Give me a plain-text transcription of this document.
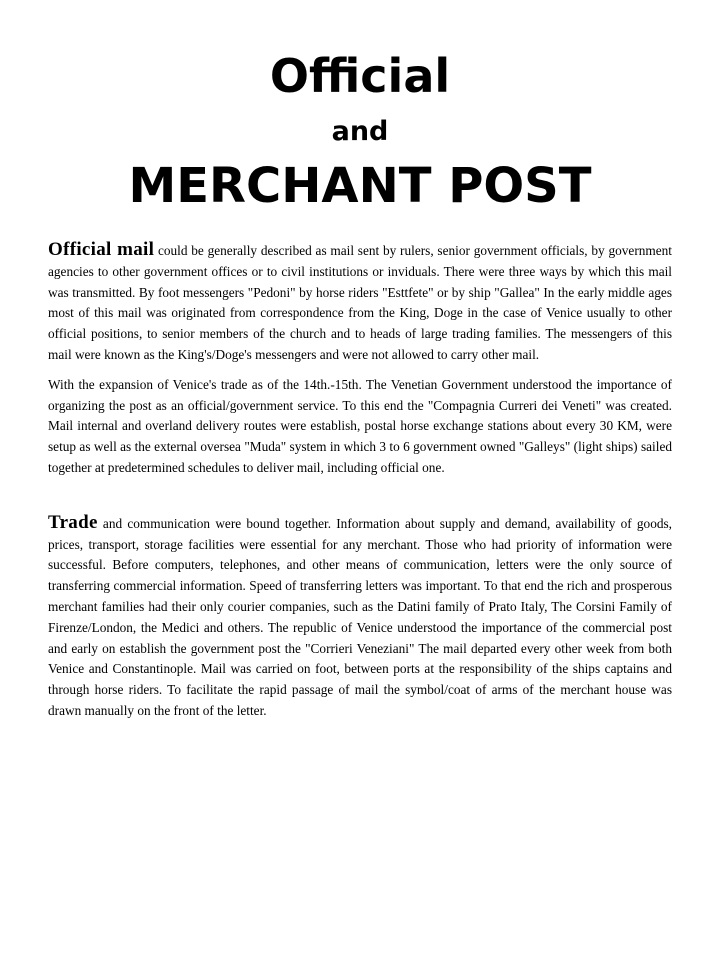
Official
and
MERCHANT POST

Official mail could be generally described as mail sent by rulers, senior government officials, by government agencies to other government offices or to civil institutions or inviduals. There were three ways by which this mail was transmitted. By foot messengers "Pedoni" by horse riders "Esttfete" or by ship "Gallea" In the early middle ages most of this mail was originated from correspondence from the King, Doge in the case of Venice usually to other official positions, to senior members of the church and to heads of large trading families. The messengers of this mail were known as the King's/Doge's messengers and were not allowed to carry other mail.

With the expansion of Venice's trade as of the 14th.-15th. The Venetian Government understood the importance of organizing the post as an official/government service. To this end the "Compagnia Curreri dei Veneti" was created. Mail internal and overland delivery routes were establish, postal horse exchange stations about every 30 KM, were setup as well as the external oversea "Muda" system in which 3 to 6 government owned "Galleys" (light ships) sailed together at predetermined schedules to deliver mail, including official one.

Trade and communication were bound together. Information about supply and demand, availability of goods, prices, transport, storage facilities were essential for any merchant. Those who had priority of information were successful. Before computers, telephones, and other means of communication, letters were the only source of transferring commercial information. Speed of transferring letters was important. To that end the rich and prosperous merchant families had their only courier companies, such as the Datini family of Prato Italy, The Corsini Family of Firenze/London, the Medici and others. The republic of Venice understood the importance of the commercial post and early on establish the government post the "Corrieri Veneziani" The mail departed every other week from both Venice and Constantinople. Mail was carried on foot, between ports at the responsibility of the ships captains and through horse riders. To facilitate the rapid passage of mail the symbol/coat of arms of the merchant house was drawn manually on the front of the letter.
